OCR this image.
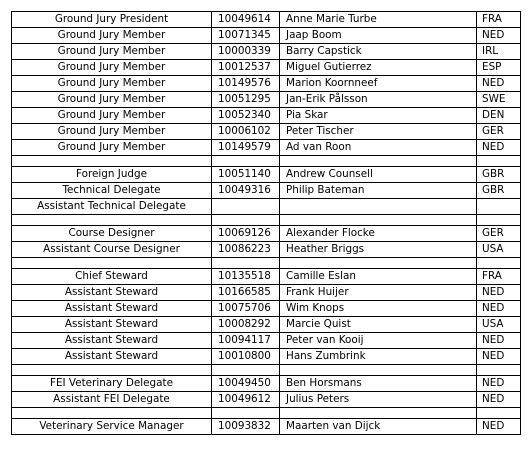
Ground Jury President	10049614	Anne Marie Turbe	FRA
Ground Jury Member	10071345	Jaap Boom	NED
Ground Jury Member	10000339	Barry Capstick	IRL
Ground Jury Member	10012537	Miguel Gutierrez	ESP
Ground Jury Member	10149576	Marion Koornneef	NED
Ground Jury Member	10051295	Jan-Erik Pålsson	SWE
Ground Jury Member	10052340	Pia Skar	DEN
Ground Jury Member	10006102	Peter Tischer	GER
Ground Jury Member	10149579	Ad van Roon	NED

Foreign Judge	10051140	Andrew Counsell	GBR
Technical Delegate	10049316	Philip Bateman	GBR
Assistant Technical Delegate			

Course Designer	10069126	Alexander Flocke	GER
Assistant Course Designer	10086223	Heather Briggs	USA

Chief Steward	10135518	Camille Eslan	FRA
Assistant Steward	10166585	Frank Huijer	NED
Assistant Steward	10075706	Wim Knops	NED
Assistant Steward	10008292	Marcie Quist	USA
Assistant Steward	10094117	Peter van Kooij	NED
Assistant Steward	10010800	Hans Zumbrink	NED

FEI Veterinary Delegate	10049450	Ben Horsmans	NED
Assistant FEI Delegate	10049612	Julius Peters	NED

Veterinary Service Manager	10093832	Maarten van Dijck	NED
